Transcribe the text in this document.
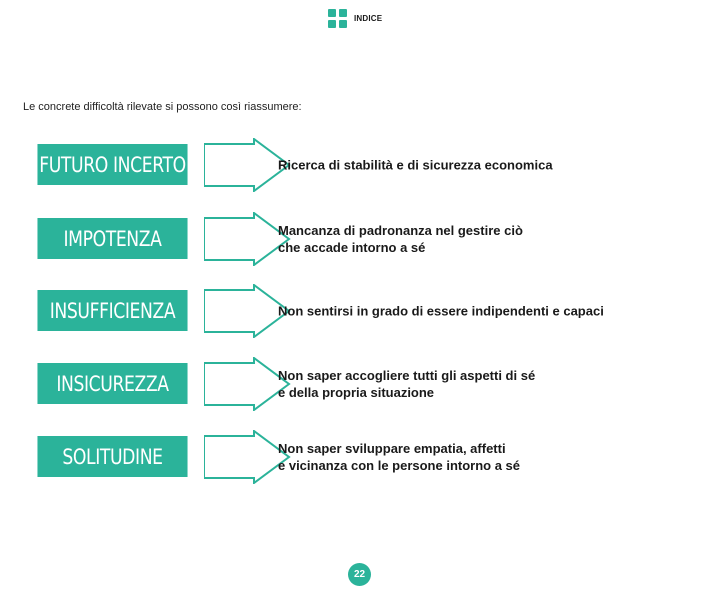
INDICE
Le concrete difficoltà rilevate si possono così riassumere:
FUTURO INCERTO	Ricerca di stabilità e di sicurezza economica
IMPOTENZA	Mancanza di padronanza nel gestire ciò
che accade intorno a sé
INSUFFICIENZA	Non sentirsi in grado di essere indipendenti e capaci
INSICUREZZA	Non saper accogliere tutti gli aspetti di sé
e della propria situazione
SOLITUDINE	Non saper sviluppare empatia, affetti
e vicinanza con le persone intorno a sé
22
